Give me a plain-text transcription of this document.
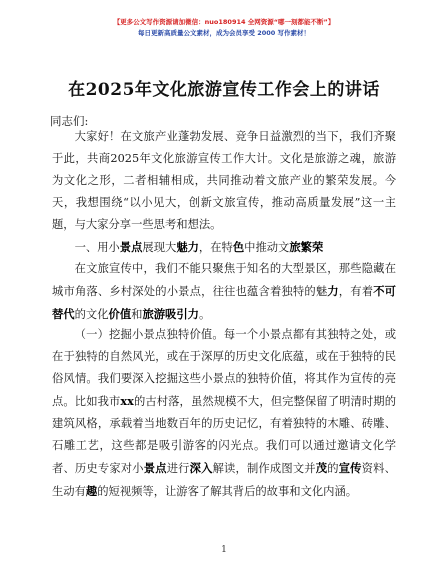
【更多公文写作资源请加微信：nuo180914 全网资源“哪一刻都能不断”】
每日更新高质量公文素材，成为会员享受 2000 写作素材！
在2025年文化旅游宣传工作会上的讲话
同志们:
大家好！在文旅产业蓬勃发展、竞争日益激烈的当下，我们齐聚于此，共商2025年文化旅游宣传工作大计。文化是旅游之魂，旅游为文化之形，二者相辅相成，共同推动着文旅产业的繁荣发展。今天，我想围绕“以小见大，创新文旅宣传，推动高质量发展”这一主题，与大家分享一些思考和想法。
一、用小景点展现大魅力，在特色中推动文旅繁荣
在文旅宣传中，我们不能只聚焦于知名的大型景区，那些隐藏在城市角落、乡村深处的小景点，往往也蕴含着独特的魅力，有着不可替代的文化价值和旅游吸引力。
（一）挖掘小景点独特价值。每一个小景点都有其独特之处，或在于独特的自然风光，或在于深厚的历史文化底蕴，或在于独特的民俗风情。我们要深入挖掘这些小景点的独特价值，将其作为宣传的亮点。比如我市xx的古村落，虽然规模不大，但完整保留了明清时期的建筑风格，承载着当地数百年的历史记忆，有着独特的木雕、砖雕、石雕工艺，这些都是吸引游客的闪光点。我们可以通过邀请文化学者、历史专家对小景点进行深入解读，制作成图文并茂的宣传资料、生动有趣的短视频等，让游客了解其背后的故事和文化内涵。
1
